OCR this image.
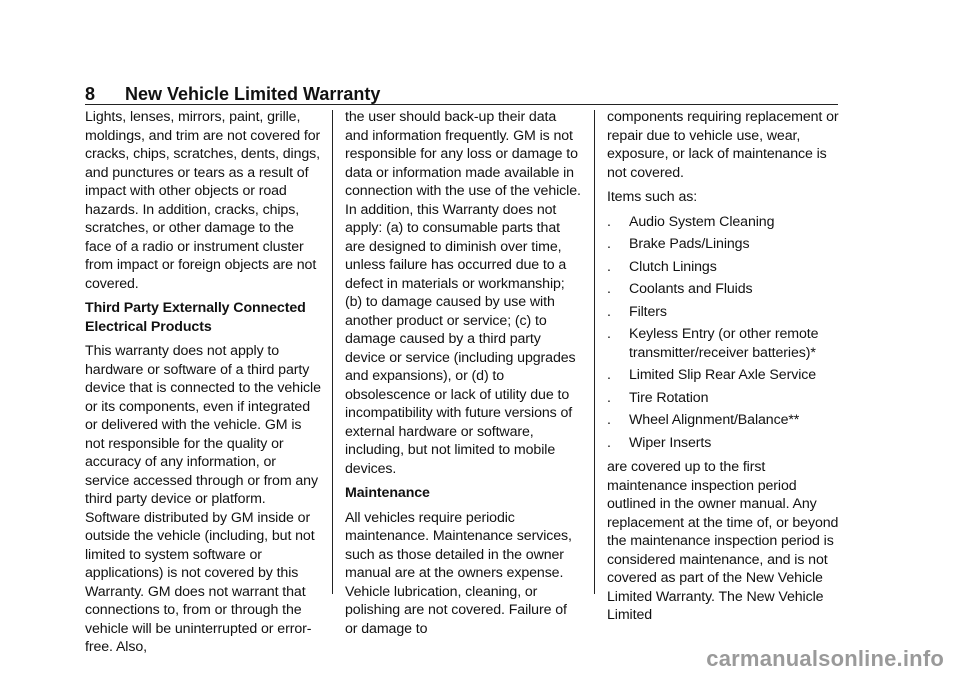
8 New Vehicle Limited Warranty

Lights, lenses, mirrors, paint, grille, moldings, and trim are not covered for cracks, chips, scratches, dents, dings, and punctures or tears as a result of impact with other objects or road hazards. In addition, cracks, chips, scratches, or other damage to the face of a radio or instrument cluster from impact or foreign objects are not covered.

Third Party Externally Connected Electrical Products

This warranty does not apply to hardware or software of a third party device that is connected to the vehicle or its components, even if integrated or delivered with the vehicle. GM is not responsible for the quality or accuracy of any information, or service accessed through or from any third party device or platform. Software distributed by GM inside or outside the vehicle (including, but not limited to system software or applications) is not covered by this Warranty. GM does not warrant that connections to, from or through the vehicle will be uninterrupted or error-free. Also,

the user should back-up their data and information frequently. GM is not responsible for any loss or damage to data or information made available in connection with the use of the vehicle. In addition, this Warranty does not apply: (a) to consumable parts that are designed to diminish over time, unless failure has occurred due to a defect in materials or workmanship; (b) to damage caused by use with another product or service; (c) to damage caused by a third party device or service (including upgrades and expansions), or (d) to obsolescence or lack of utility due to incompatibility with future versions of external hardware or software, including, but not limited to mobile devices.

Maintenance

All vehicles require periodic maintenance. Maintenance services, such as those detailed in the owner manual are at the owners expense. Vehicle lubrication, cleaning, or polishing are not covered. Failure of or damage to

components requiring replacement or repair due to vehicle use, wear, exposure, or lack of maintenance is not covered.

Items such as:

.	Audio System Cleaning
.	Brake Pads/Linings
.	Clutch Linings
.	Coolants and Fluids
.	Filters
.	Keyless Entry (or other remote transmitter/receiver batteries)*
.	Limited Slip Rear Axle Service
.	Tire Rotation
.	Wheel Alignment/Balance**
.	Wiper Inserts

are covered up to the first maintenance inspection period outlined in the owner manual. Any replacement at the time of, or beyond the maintenance inspection period is considered maintenance, and is not covered as part of the New Vehicle Limited Warranty. The New Vehicle Limited

carmanualsonline.info
